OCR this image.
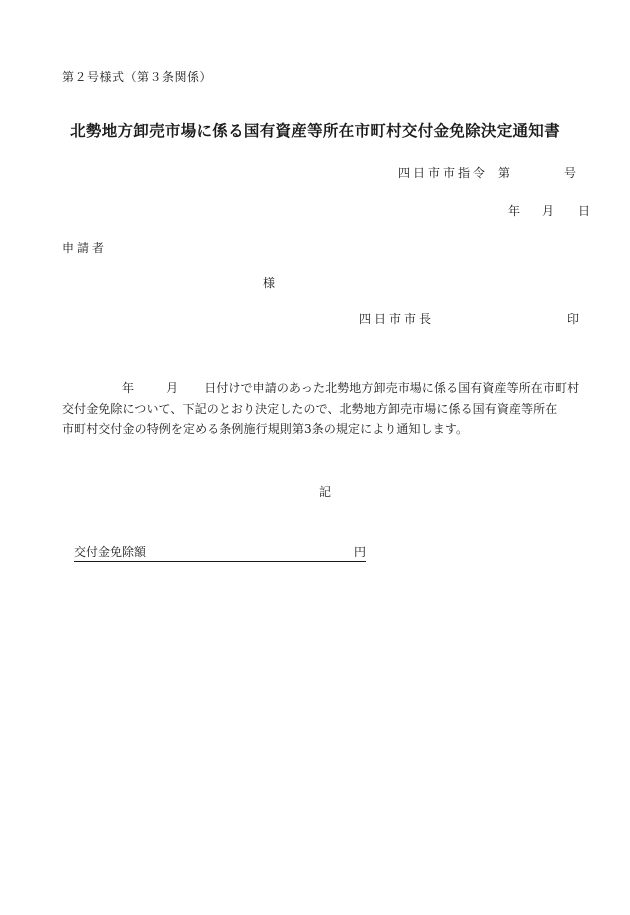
第２号様式（第３条関係）
北勢地方卸売市場に係る国有資産等所在市町村交付金免除決定通知書
四日市市指令 第	号
年 月 日
申請者
様
四日市市長	印
年	月 日付けで申請のあった北勢地方卸売市場に係る国有資産等所在市町村
交付金免除について、下記のとおり決定したので、北勢地方卸売市場に係る国有資産等所在
市町村交付金の特例を定める条例施行規則第3条の規定により通知します。
記
交付金免除額	円
